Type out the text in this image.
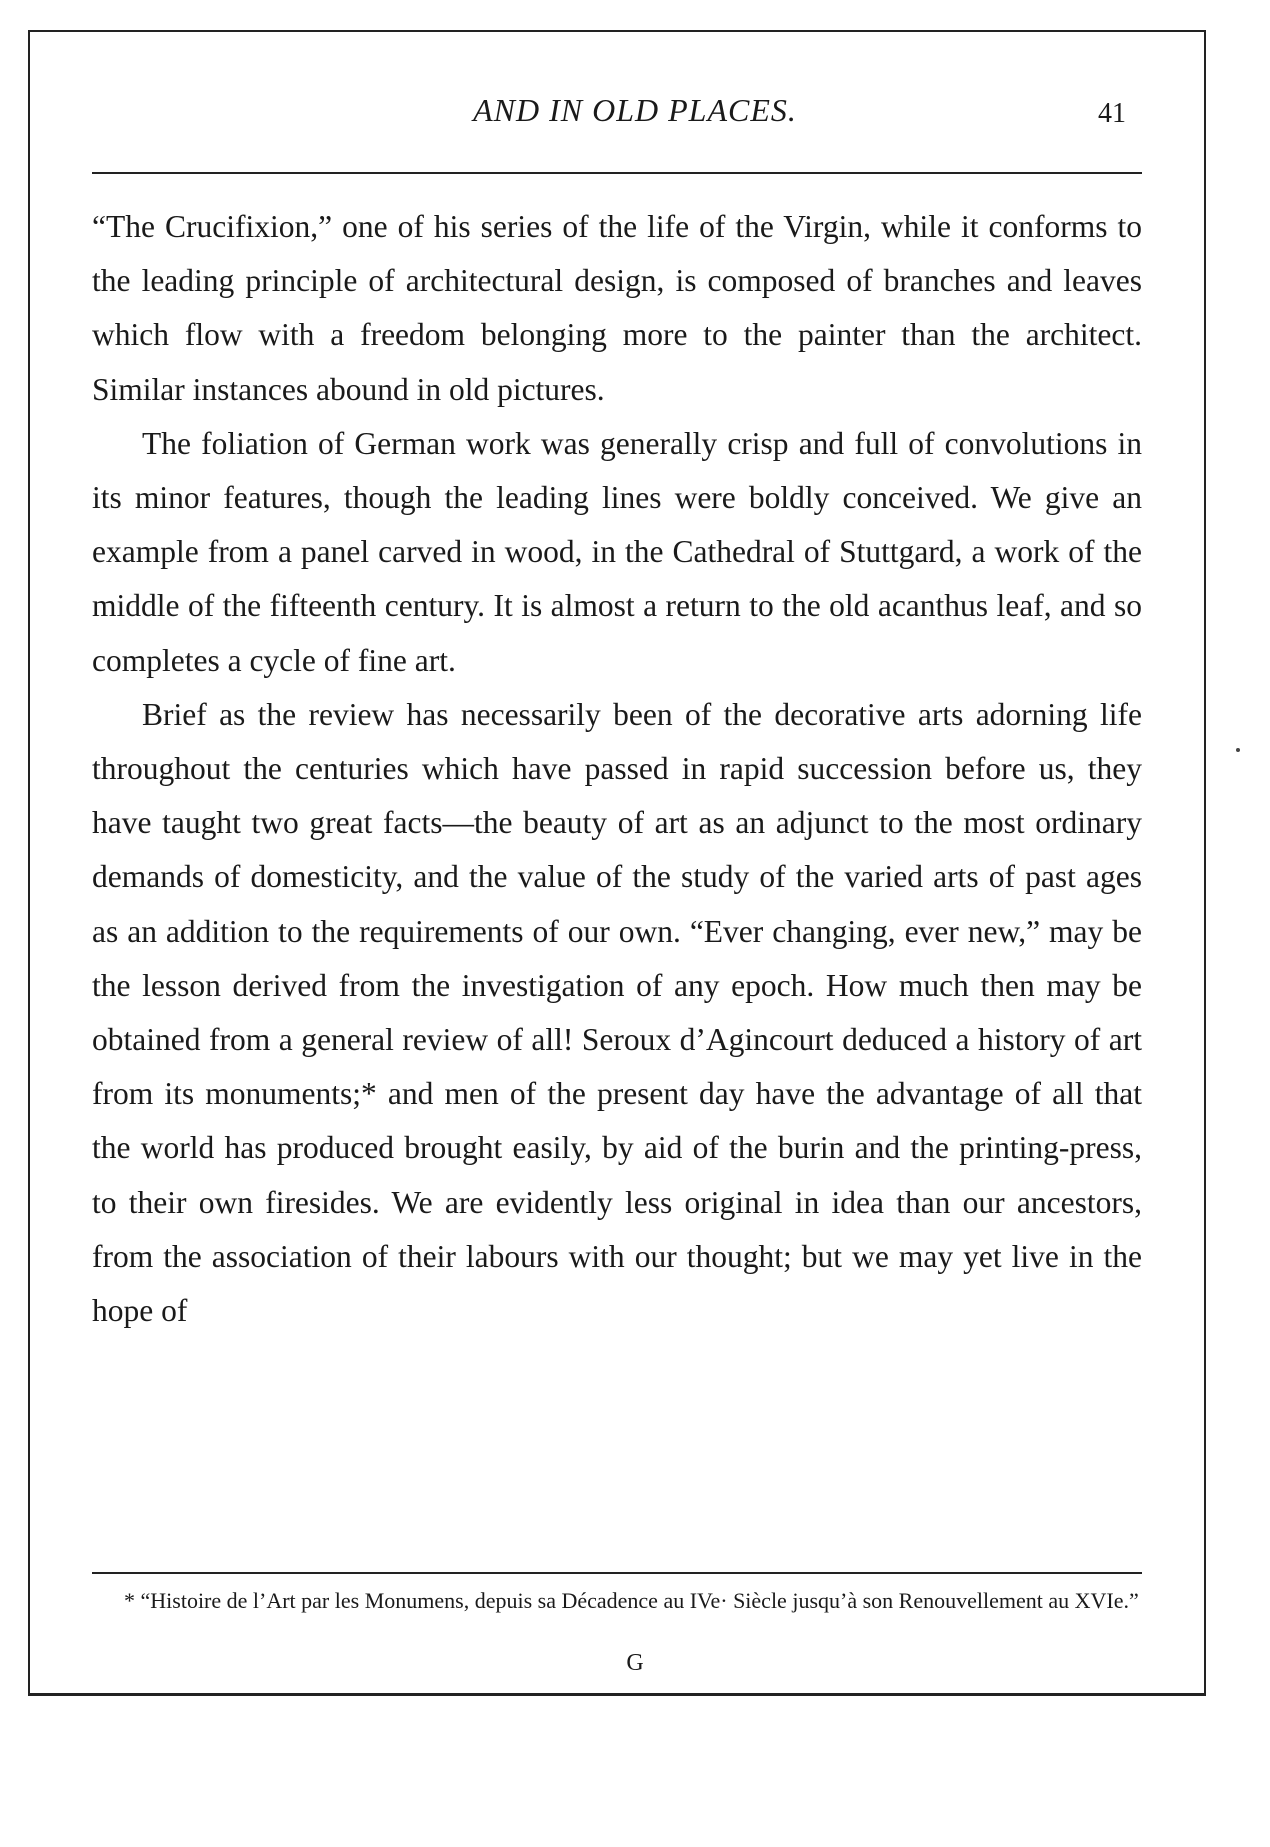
AND IN OLD PLACES.	41

“The Crucifixion,” one of his series of the life of the Virgin, while it conforms to the leading principle of architectural design, is composed of branches and leaves which flow with a freedom belonging more to the painter than the architect. Similar instances abound in old pictures.

The foliation of German work was generally crisp and full of convolutions in its minor features, though the leading lines were boldly conceived. We give an example from a panel carved in wood, in the Cathedral of Stuttgard, a work of the middle of the fifteenth century. It is almost a return to the old acanthus leaf, and so completes a cycle of fine art.

Brief as the review has necessarily been of the decorative arts adorning life throughout the centuries which have passed in rapid succession before us, they have taught two great facts—the beauty of art as an adjunct to the most ordinary demands of domesticity, and the value of the study of the varied arts of past ages as an addition to the requirements of our own. “Ever changing, ever new,” may be the lesson derived from the investigation of any epoch. How much then may be obtained from a general review of all! Seroux d’Agincourt deduced a history of art from its monuments;* and men of the present day have the advantage of all that the world has produced brought easily, by aid of the burin and the printing-press, to their own firesides. We are evidently less original in idea than our ancestors, from the association of their labours with our thought; but we may yet live in the hope of

* “Histoire de l’Art par les Monumens, depuis sa Décadence au IVe· Siècle jusqu’à son Renouvellement au XVIe.”
G
